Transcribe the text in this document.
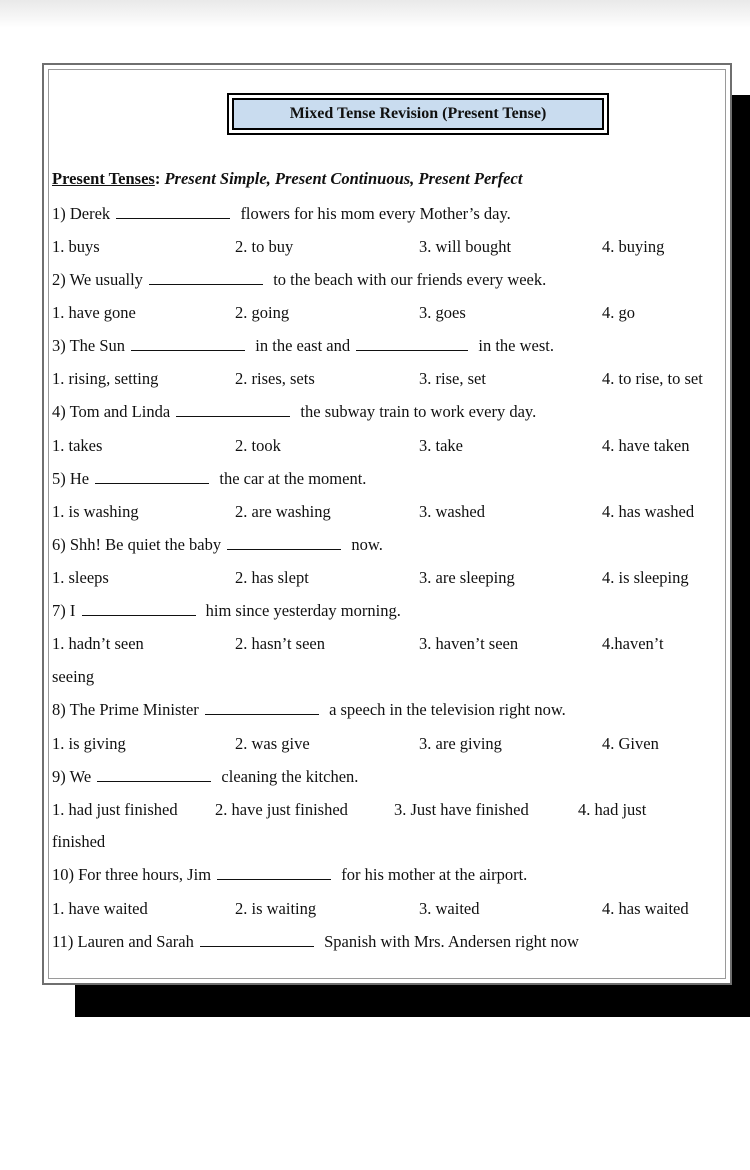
Mixed Tense Revision (Present Tense)
Present Tenses: Present Simple, Present Continuous, Present Perfect
1) Derek	flowers for his mom every Mother’s day.
1. buys	2. to buy	3. will bought	4. buying
2) We usually	to the beach with our friends every week.
1. have gone	2. going	3. goes	4. go
3) The Sun	in the east and	in the west.
1. rising, setting	2. rises, sets	3. rise, set	4. to rise, to set
4) Tom and Linda	the subway train to work every day.
1. takes	2. took	3. take	4. have taken
5) He	the car at the moment.
1. is washing	2. are washing	3. washed	4. has washed
6) Shh! Be quiet the baby	now.
1. sleeps	2. has slept	3. are sleeping	4. is sleeping
7) I	him since yesterday morning.
1. hadn’t seen	2. hasn’t seen	3. haven’t seen	4.haven’t
seeing
8) The Prime Minister	a speech in the television right now.
1. is giving	2. was give	3. are giving	4. Given
9) We	cleaning the kitchen.
1. had just finished 2. have just finished	3. Just have finished	4. had just
finished
10) For three hours, Jim	for his mother at the airport.
1. have waited	2. is waiting	3. waited	4. has waited
11) Lauren and Sarah	Spanish with Mrs. Andersen right now
